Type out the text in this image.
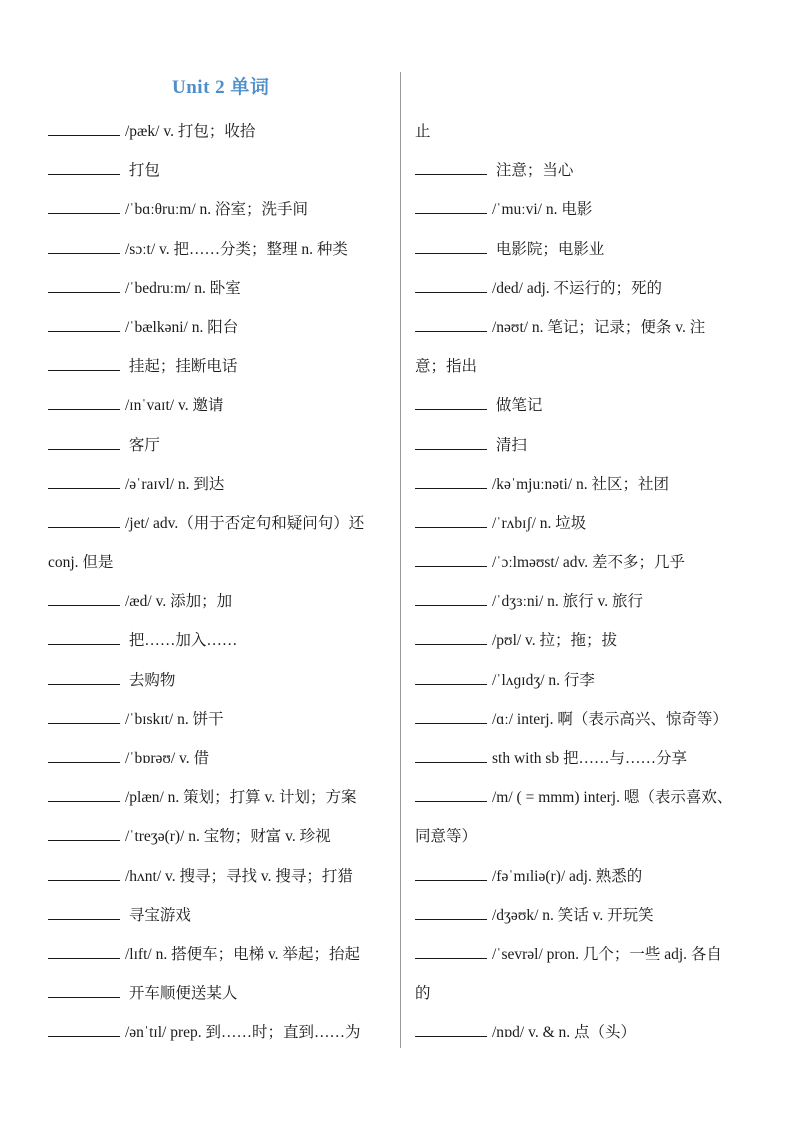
Unit 2 单词
/pæk/ v. 打包；收拾
打包
/ˈbɑːθruːm/ n. 浴室；洗手间
/sɔːt/ v. 把……分类；整理 n. 种类
/ˈbedruːm/ n. 卧室
/ˈbælkəni/ n. 阳台
挂起；挂断电话
/ɪnˈvaɪt/ v. 邀请
客厅
/əˈraɪvl/ n. 到达
/jet/ adv.（用于否定句和疑问句）还
conj. 但是
/æd/ v. 添加；加
把……加入……
去购物
/ˈbɪskɪt/ n. 饼干
/ˈbɒrəʊ/ v. 借
/plæn/ n. 策划；打算 v. 计划；方案
/ˈtreʒə(r)/ n. 宝物；财富 v. 珍视
/hʌnt/ v. 搜寻；寻找 v. 搜寻；打猎
寻宝游戏
/lɪft/ n. 搭便车；电梯 v. 举起；抬起
开车顺便送某人
/ənˈtɪl/ prep. 到……时；直到……为
止
注意；当心
/ˈmuːvi/ n. 电影
电影院；电影业
/ded/ adj. 不运行的；死的
/nəʊt/ n. 笔记；记录；便条 v. 注
意；指出
做笔记
清扫
/kəˈmjuːnəti/ n. 社区；社团
/ˈrʌbɪʃ/ n. 垃圾
/ˈɔːlməʊst/ adv. 差不多；几乎
/ˈdʒɜːni/ n. 旅行 v. 旅行
/pʊl/ v. 拉；拖；拔
/ˈlʌɡɪdʒ/ n. 行李
/ɑː/ interj. 啊（表示高兴、惊奇等）
sth with sb 把……与……分享
/m/ ( = mmm) interj. 嗯（表示喜欢、
同意等）
/fəˈmɪliə(r)/ adj. 熟悉的
/dʒəʊk/ n. 笑话 v. 开玩笑
/ˈsevrəl/ pron. 几个；一些 adj. 各自
的
/nɒd/ v. & n. 点（头）
